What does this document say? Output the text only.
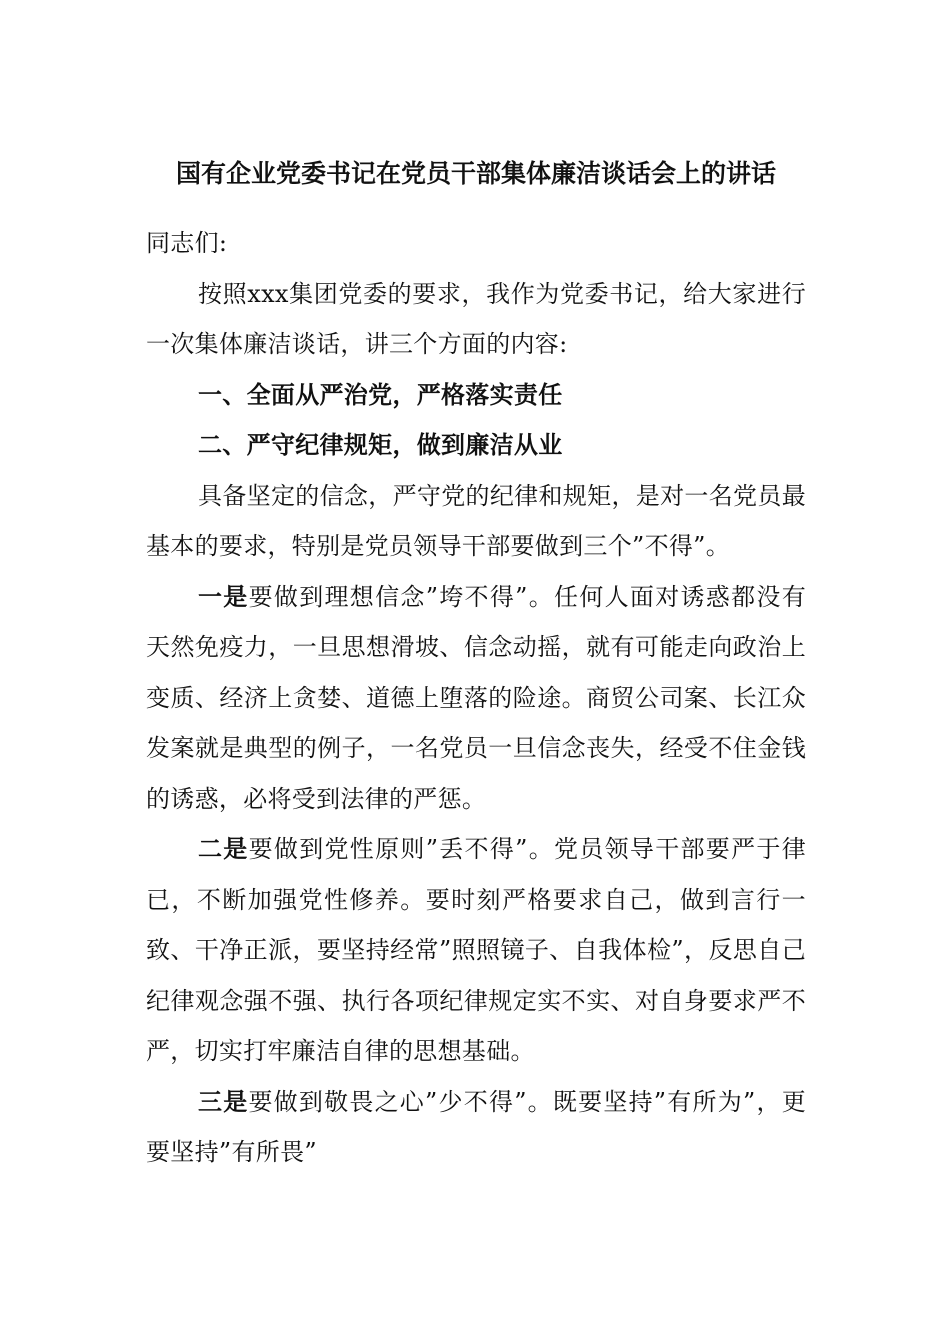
国有企业党委书记在党员干部集体廉洁谈话会上的讲话

同志们:

按照xxx集团党委的要求，我作为党委书记，给大家进行一次集体廉洁谈话，讲三个方面的内容:

一、全面从严治党，严格落实责任

二、严守纪律规矩，做到廉洁从业

具备坚定的信念，严守党的纪律和规矩，是对一名党员最基本的要求，特别是党员领导干部要做到三个”不得”。

一是要做到理想信念”垮不得”。任何人面对诱惑都没有天然免疫力，一旦思想滑坡、信念动摇，就有可能走向政治上变质、经济上贪婪、道德上堕落的险途。商贸公司案、长江众发案就是典型的例子，一名党员一旦信念丧失，经受不住金钱的诱惑，必将受到法律的严惩。

二是要做到党性原则”丢不得”。党员领导干部要严于律已，不断加强党性修养。要时刻严格要求自己，做到言行一致、干净正派，要坚持经常”照照镜子、自我体检”，反思自己纪律观念强不强、执行各项纪律规定实不实、对自身要求严不严，切实打牢廉洁自律的思想基础。

三是要做到敬畏之心”少不得”。既要坚持”有所为”，更要坚持”有所畏”
